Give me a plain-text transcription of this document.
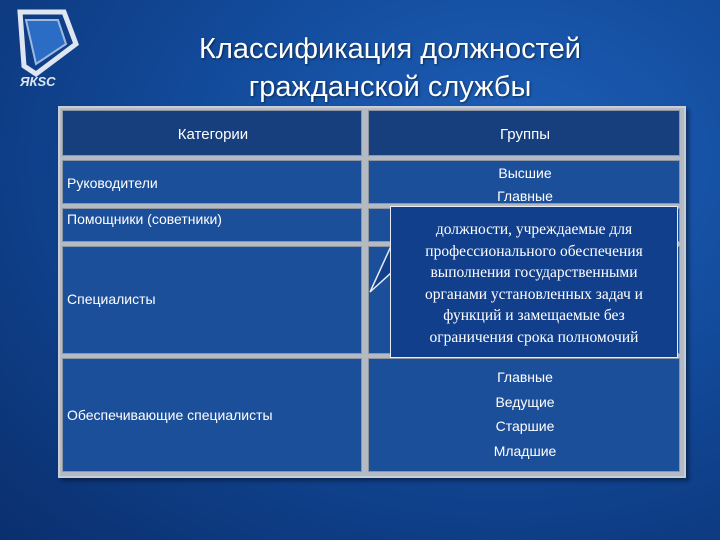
ЯКSС
Классификация должностей
гражданской службы
Категории	Группы
Руководители
Высшие
Главные
Помощники (советники)
Специалисты
Обеспечивающие специалисты
Главные
Ведущие
Старшие
Младшие
должности, учреждаемые для
профессионального обеспечения
выполнения государственными
органами установленных задач и
функций и замещаемые без
ограничения срока полномочий
